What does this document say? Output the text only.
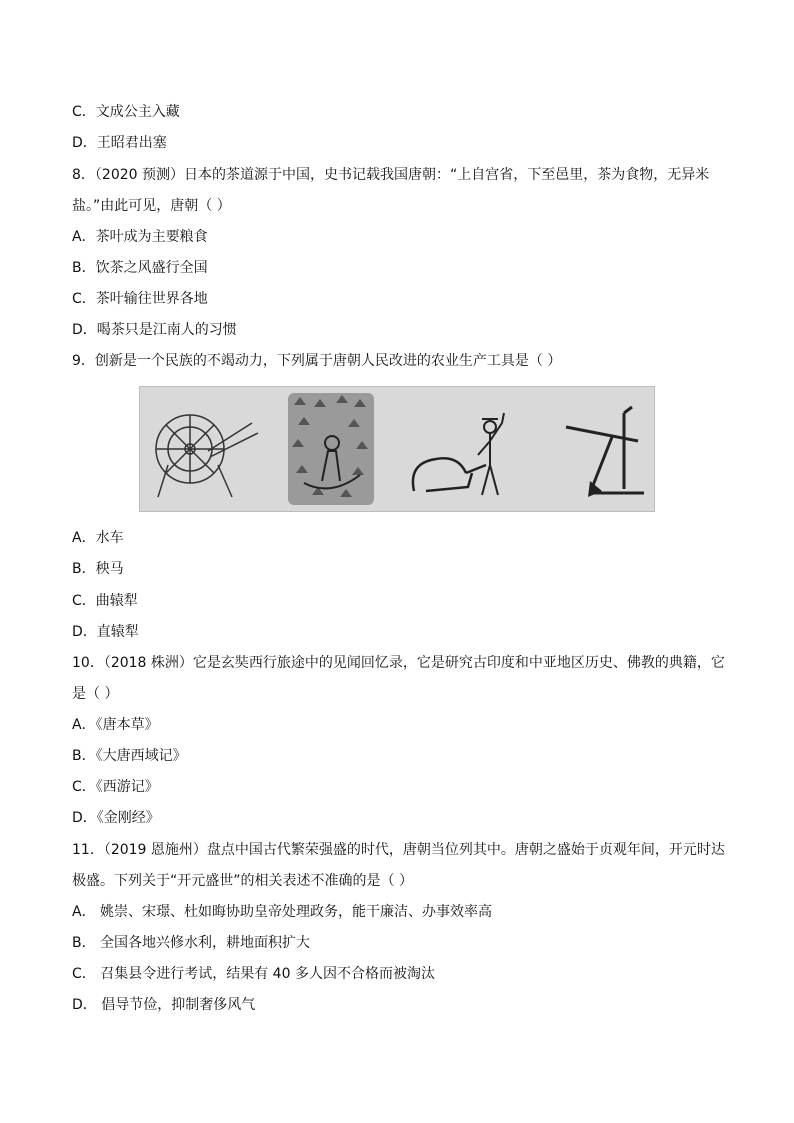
C．文成公主入藏
D．王昭君出塞
8．（2020 预测）日本的茶道源于中国，史书记载我国唐朝：“上自宫省，下至邑里，茶为食物，无异米
盐。”由此可见，唐朝（ ）
A．茶叶成为主要粮食
B．饮茶之风盛行全国
C．茶叶输往世界各地
D．喝茶只是江南人的习惯
9．创新是一个民族的不竭动力，下列属于唐朝人民改进的农业生产工具是（ ）
A．水车
B．秧马
C．曲辕犁
D．直辕犁
10．（2018 株洲）它是玄奘西行旅途中的见闻回忆录，它是研究古印度和中亚地区历史、佛教的典籍，它
是（ ）
A．《唐本草》
B．《大唐西域记》
C．《西游记》
D．《金刚经》
11．（2019 恩施州）盘点中国古代繁荣强盛的时代，唐朝当位列其中。唐朝之盛始于贞观年间，开元时达
极盛。下列关于“开元盛世”的相关表述不准确的是（ ）
A． 姚崇、宋璟、杜如晦协助皇帝处理政务，能干廉洁、办事效率高
B． 全国各地兴修水利，耕地面积扩大
C． 召集县令进行考试，结果有 40 多人因不合格而被淘汰
D． 倡导节俭，抑制奢侈风气
